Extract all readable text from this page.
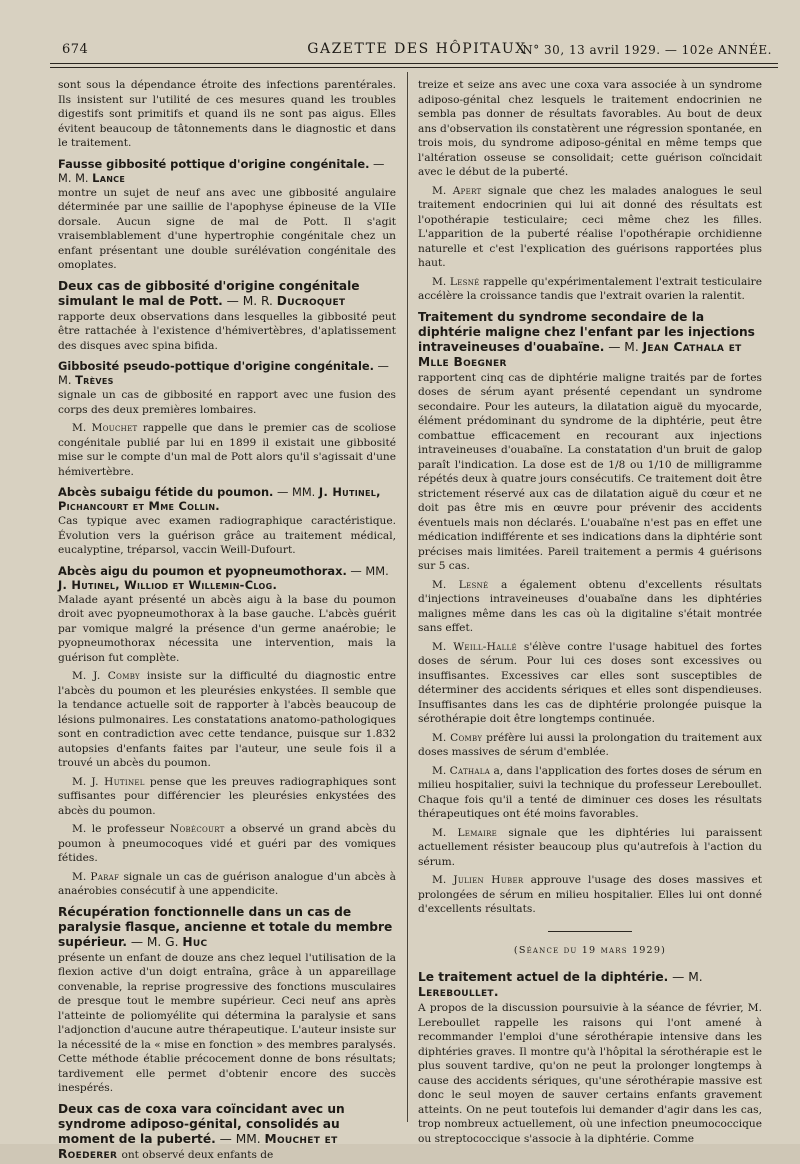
674	GAZETTE DES HÔPITAUX
N° 30, 13 avril 1929. — 102e ANNÉE.

sont sous la dépendance étroite des infections parentérales. Ils insistent sur l'utilité de ces mesures quand les troubles digestifs sont primitifs et quand ils ne sont pas aigus. Elles évitent beaucoup de tâtonnements dans le diagnostic et dans le traitement.

Fausse gibbosité pottique d'origine congénitale. — M. M. Lance
montre un sujet de neuf ans avec une gibbosité angulaire déterminée par une saillie de l'apophyse épineuse de la VIIe dorsale. Aucun signe de mal de Pott. Il s'agit vraisemblablement d'une hypertrophie congénitale chez un enfant présentant une double surélévation congénitale des omoplates.
Deux cas de gibbosité d'origine congénitale simulant le mal de Pott. — M. R. Ducroquet
rapporte deux observations dans lesquelles la gibbosité peut être rattachée à l'existence d'hémivertèbres, d'aplatissement des disques avec spina bifida.
Gibbosité pseudo-pottique d'origine congénitale. — M. Trèves
signale un cas de gibbosité en rapport avec une fusion des corps des deux premières lombaires.

M. Mouchet rappelle que dans le premier cas de scoliose congénitale publié par lui en 1899 il existait une gibbosité mise sur le compte d'un mal de Pott alors qu'il s'agissait d'une hémivertèbre.

Abcès subaigu fétide du poumon. — MM. J. Hutinel, Pichancourt et Mme Collin.
Cas typique avec examen radiographique caractéristique. Évolution vers la guérison grâce au traitement médical, eucalyptine, tréparsol, vaccin Weill-Dufourt.
Abcès aigu du poumon et pyopneumothorax. — MM. J. Hutinel, Williod et Willemin-Clog.
Malade ayant présenté un abcès aigu à la base du poumon droit avec pyopneumothorax à la base gauche. L'abcès guérit par vomique malgré la présence d'un germe anaérobie; le pyopneumothorax nécessita une intervention, mais la guérison fut complète.

M. J. Comby insiste sur la difficulté du diagnostic entre l'abcès du poumon et les pleurésies enkystées. Il semble que la tendance actuelle soit de rapporter à l'abcès beaucoup de lésions pulmonaires. Les constatations anatomo-pathologiques sont en contradiction avec cette tendance, puisque sur 1.832 autopsies d'enfants faites par l'auteur, une seule fois il a trouvé un abcès du poumon.

M. J. Hutinel pense que les preuves radiographiques sont suffisantes pour différencier les pleurésies enkystées des abcès du poumon.

M. le professeur Nobécourt a observé un grand abcès du poumon à pneumocoques vidé et guéri par des vomiques fétides.

M. Paraf signale un cas de guérison analogue d'un abcès à anaérobies consécutif à une appendicite.

Récupération fonctionnelle dans un cas de paralysie flasque, ancienne et totale du membre supérieur. — M. G. Huc
présente un enfant de douze ans chez lequel l'utilisation de la flexion active d'un doigt entraîna, grâce à un appareillage convenable, la reprise progressive des fonctions musculaires de presque tout le membre supérieur. Ceci neuf ans après l'atteinte de poliomyélite qui détermina la paralysie et sans l'adjonction d'aucune autre thérapeutique. L'auteur insiste sur la nécessité de la « mise en fonction » des membres paralysés. Cette méthode établie précocement donne de bons résultats; tardivement elle permet d'obtenir encore des succès inespérés.
Deux cas de coxa vara coïncidant avec un syndrome adiposo-génital, consolidés au moment de la puberté. — MM. Mouchet et Roederer ont observé deux enfants de

treize et seize ans avec une coxa vara associée à un syndrome adiposo-génital chez lesquels le traitement endocrinien ne sembla pas donner de résultats favorables. Au bout de deux ans d'observation ils constatèrent une régression spontanée, en trois mois, du syndrome adiposo-génital en même temps que l'altération osseuse se consolidait; cette guérison coïncidait avec le début de la puberté.

M. Apert signale que chez les malades analogues le seul traitement endocrinien qui lui ait donné des résultats est l'opothérapie testiculaire; ceci même chez les filles. L'apparition de la puberté réalise l'opothérapie orchidienne naturelle et c'est l'explication des guérisons rapportées plus haut.

M. Lesné rappelle qu'expérimentalement l'extrait testiculaire accélère la croissance tandis que l'extrait ovarien la ralentit.

Traitement du syndrome secondaire de la diphtérie maligne chez l'enfant par les injections intraveineuses d'ouabaïne. — M. Jean Cathala et Mlle Boegner
rapportent cinq cas de diphtérie maligne traités par de fortes doses de sérum ayant présenté cependant un syndrome secondaire. Pour les auteurs, la dilatation aiguë du myocarde, élément prédominant du syndrome de la diphtérie, peut être combattue efficacement en recourant aux injections intraveineuses d'ouabaïne. La constatation d'un bruit de galop paraît l'indication. La dose est de 1/8 ou 1/10 de milligramme répétés deux à quatre jours consécutifs. Ce traitement doit être strictement réservé aux cas de dilatation aiguë du cœur et ne doit pas être mis en œuvre pour prévenir des accidents éventuels mais non déclarés. L'ouabaïne n'est pas en effet une médication indifférente et ses indications dans la diphtérie sont précises mais limitées. Pareil traitement a permis 4 guérisons sur 5 cas.

M. Lesné a également obtenu d'excellents résultats d'injections intraveineuses d'ouabaïne dans les diphtéries malignes même dans les cas où la digitaline s'était montrée sans effet.

M. Weill-Hallé s'élève contre l'usage habituel des fortes doses de sérum. Pour lui ces doses sont excessives ou insuffisantes. Excessives car elles sont susceptibles de déterminer des accidents sériques et elles sont dispendieuses. Insuffisantes dans les cas de diphtérie prolongée puisque la sérothérapie doit être longtemps continuée.

M. Comby préfère lui aussi la prolongation du traitement aux doses massives de sérum d'emblée.

M. Cathala a, dans l'application des fortes doses de sérum en milieu hospitalier, suivi la technique du professeur Lereboullet. Chaque fois qu'il a tenté de diminuer ces doses les résultats thérapeutiques ont été moins favorables.

M. Lemaire signale que les diphtéries lui paraissent actuellement résister beaucoup plus qu'autrefois à l'action du sérum.

M. Julien Huber approuve l'usage des doses massives et prolongées de sérum en milieu hospitalier. Elles lui ont donné d'excellents résultats.

(Séance du 19 mars 1929)
Le traitement actuel de la diphtérie. — M. Lereboullet.
A propos de la discussion poursuivie à la séance de février, M. Lereboullet rappelle les raisons qui l'ont amené à recommander l'emploi d'une sérothérapie intensive dans les diphtéries graves. Il montre qu'à l'hôpital la sérothérapie est le plus souvent tardive, qu'on ne peut la prolonger longtemps à cause des accidents sériques, qu'une sérothérapie massive est donc le seul moyen de sauver certains enfants gravement atteints. On ne peut toutefois lui demander d'agir dans les cas, trop nombreux actuellement, où une infection pneumococcique ou streptococcique s'associe à la diphtérie. Comme
